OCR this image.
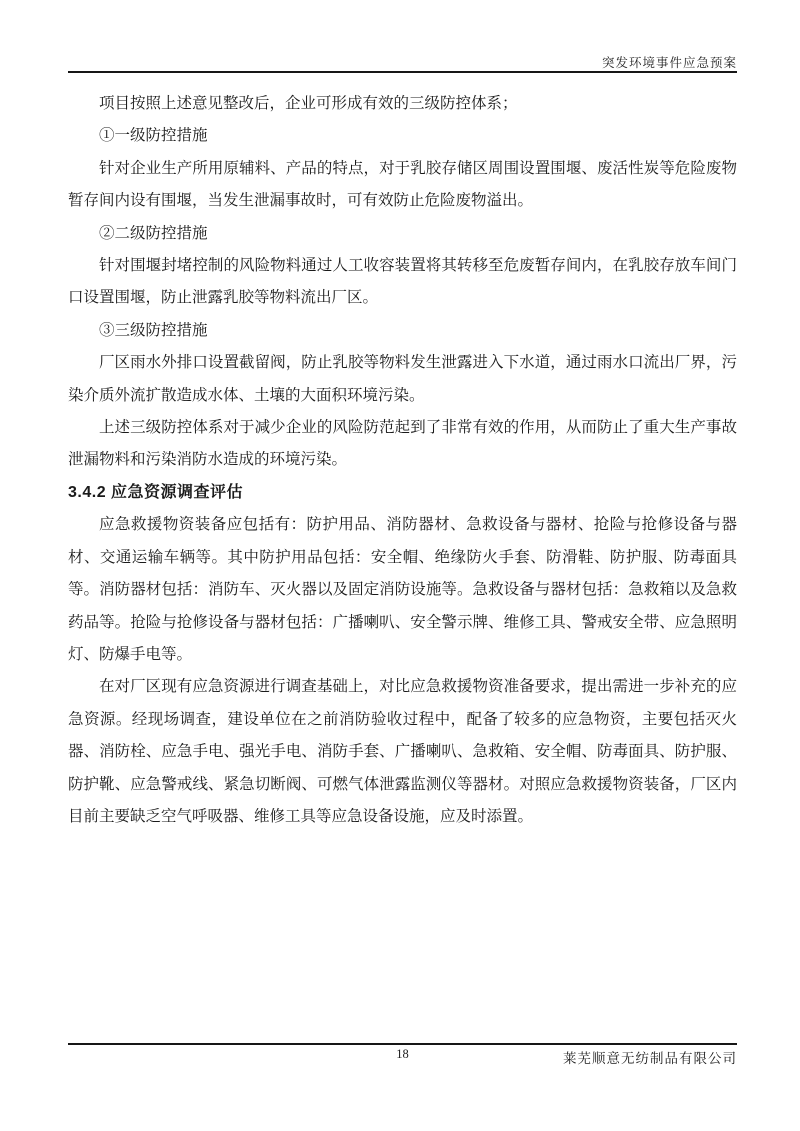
突发环境事件应急预案

项目按照上述意见整改后，企业可形成有效的三级防控体系；

①一级防控措施

针对企业生产所用原辅料、产品的特点，对于乳胶存储区周围设置围堰、废活性炭等危险废物暂存间内设有围堰，当发生泄漏事故时，可有效防止危险废物溢出。

②二级防控措施

针对围堰封堵控制的风险物料通过人工收容装置将其转移至危废暂存间内，在乳胶存放车间门口设置围堰，防止泄露乳胶等物料流出厂区。

③三级防控措施

厂区雨水外排口设置截留阀，防止乳胶等物料发生泄露进入下水道，通过雨水口流出厂界，污染介质外流扩散造成水体、土壤的大面积环境污染。

上述三级防控体系对于减少企业的风险防范起到了非常有效的作用，从而防止了重大生产事故泄漏物料和污染消防水造成的环境污染。

3.4.2 应急资源调查评估

应急救援物资装备应包括有：防护用品、消防器材、急救设备与器材、抢险与抢修设备与器材、交通运输车辆等。其中防护用品包括：安全帽、绝缘防火手套、防滑鞋、防护服、防毒面具等。消防器材包括：消防车、灭火器以及固定消防设施等。急救设备与器材包括：急救箱以及急救药品等。抢险与抢修设备与器材包括：广播喇叭、安全警示牌、维修工具、警戒安全带、应急照明灯、防爆手电等。

在对厂区现有应急资源进行调查基础上，对比应急救援物资准备要求，提出需进一步补充的应急资源。经现场调查，建设单位在之前消防验收过程中，配备了较多的应急物资，主要包括灭火器、消防栓、应急手电、强光手电、消防手套、广播喇叭、急救箱、安全帽、防毒面具、防护服、防护靴、应急警戒线、紧急切断阀、可燃气体泄露监测仪等器材。对照应急救援物资装备，厂区内目前主要缺乏空气呼吸器、维修工具等应急设备设施，应及时添置。

18	莱芜顺意无纺制品有限公司
